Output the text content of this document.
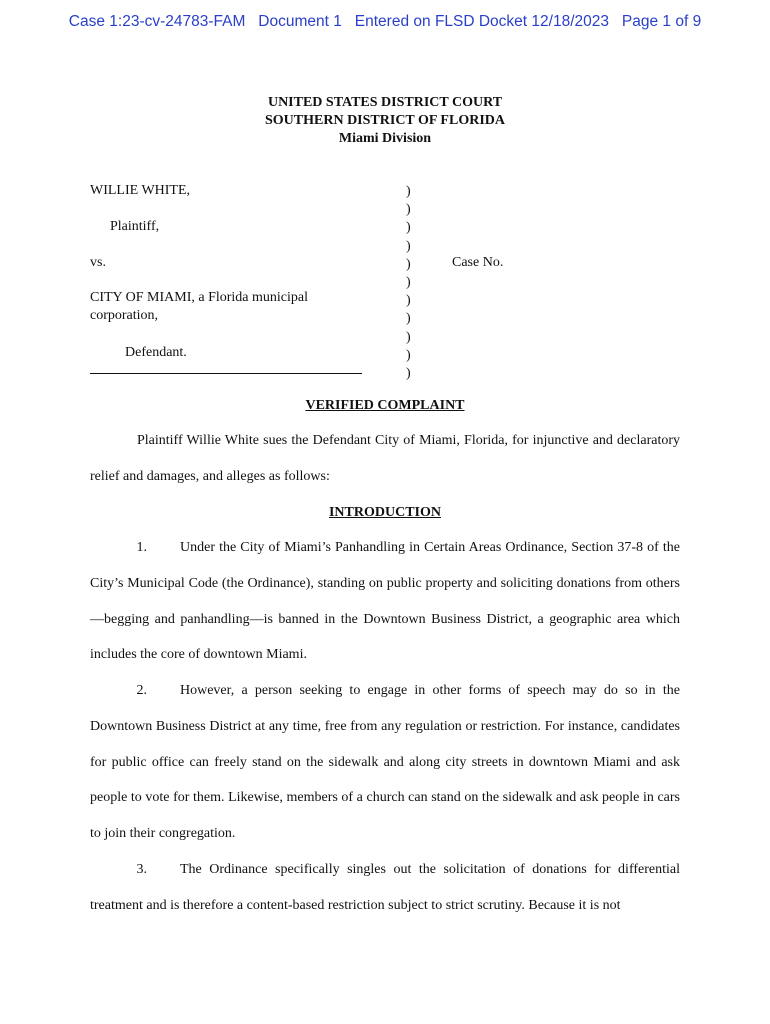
Case 1:23-cv-24783-FAM   Document 1   Entered on FLSD Docket 12/18/2023   Page 1 of 9
UNITED STATES DISTRICT COURT
SOUTHERN DISTRICT OF FLORIDA
Miami Division
WILLIE WHITE,
Plaintiff,
vs.
CITY OF MIAMI, a Florida municipal
corporation,
Defendant.
)
)
)
)
)
)
)
)
)
)
)
Case No.
VERIFIED COMPLAINT

Plaintiff Willie White sues the Defendant City of Miami, Florida, for injunctive and declaratory relief and damages, and alleges as follows:

INTRODUCTION

1. Under the City of Miami’s Panhandling in Certain Areas Ordinance, Section 37-8 of the City’s Municipal Code (the Ordinance), standing on public property and soliciting donations from others—begging and panhandling—is banned in the Downtown Business District, a geographic area which includes the core of downtown Miami.

2. However, a person seeking to engage in other forms of speech may do so in the Downtown Business District at any time, free from any regulation or restriction. For instance, candidates for public office can freely stand on the sidewalk and along city streets in downtown Miami and ask people to vote for them. Likewise, members of a church can stand on the sidewalk and ask people in cars to join their congregation.

3. The Ordinance specifically singles out the solicitation of donations for differential treatment and is therefore a content-based restriction subject to strict scrutiny. Because it is not
